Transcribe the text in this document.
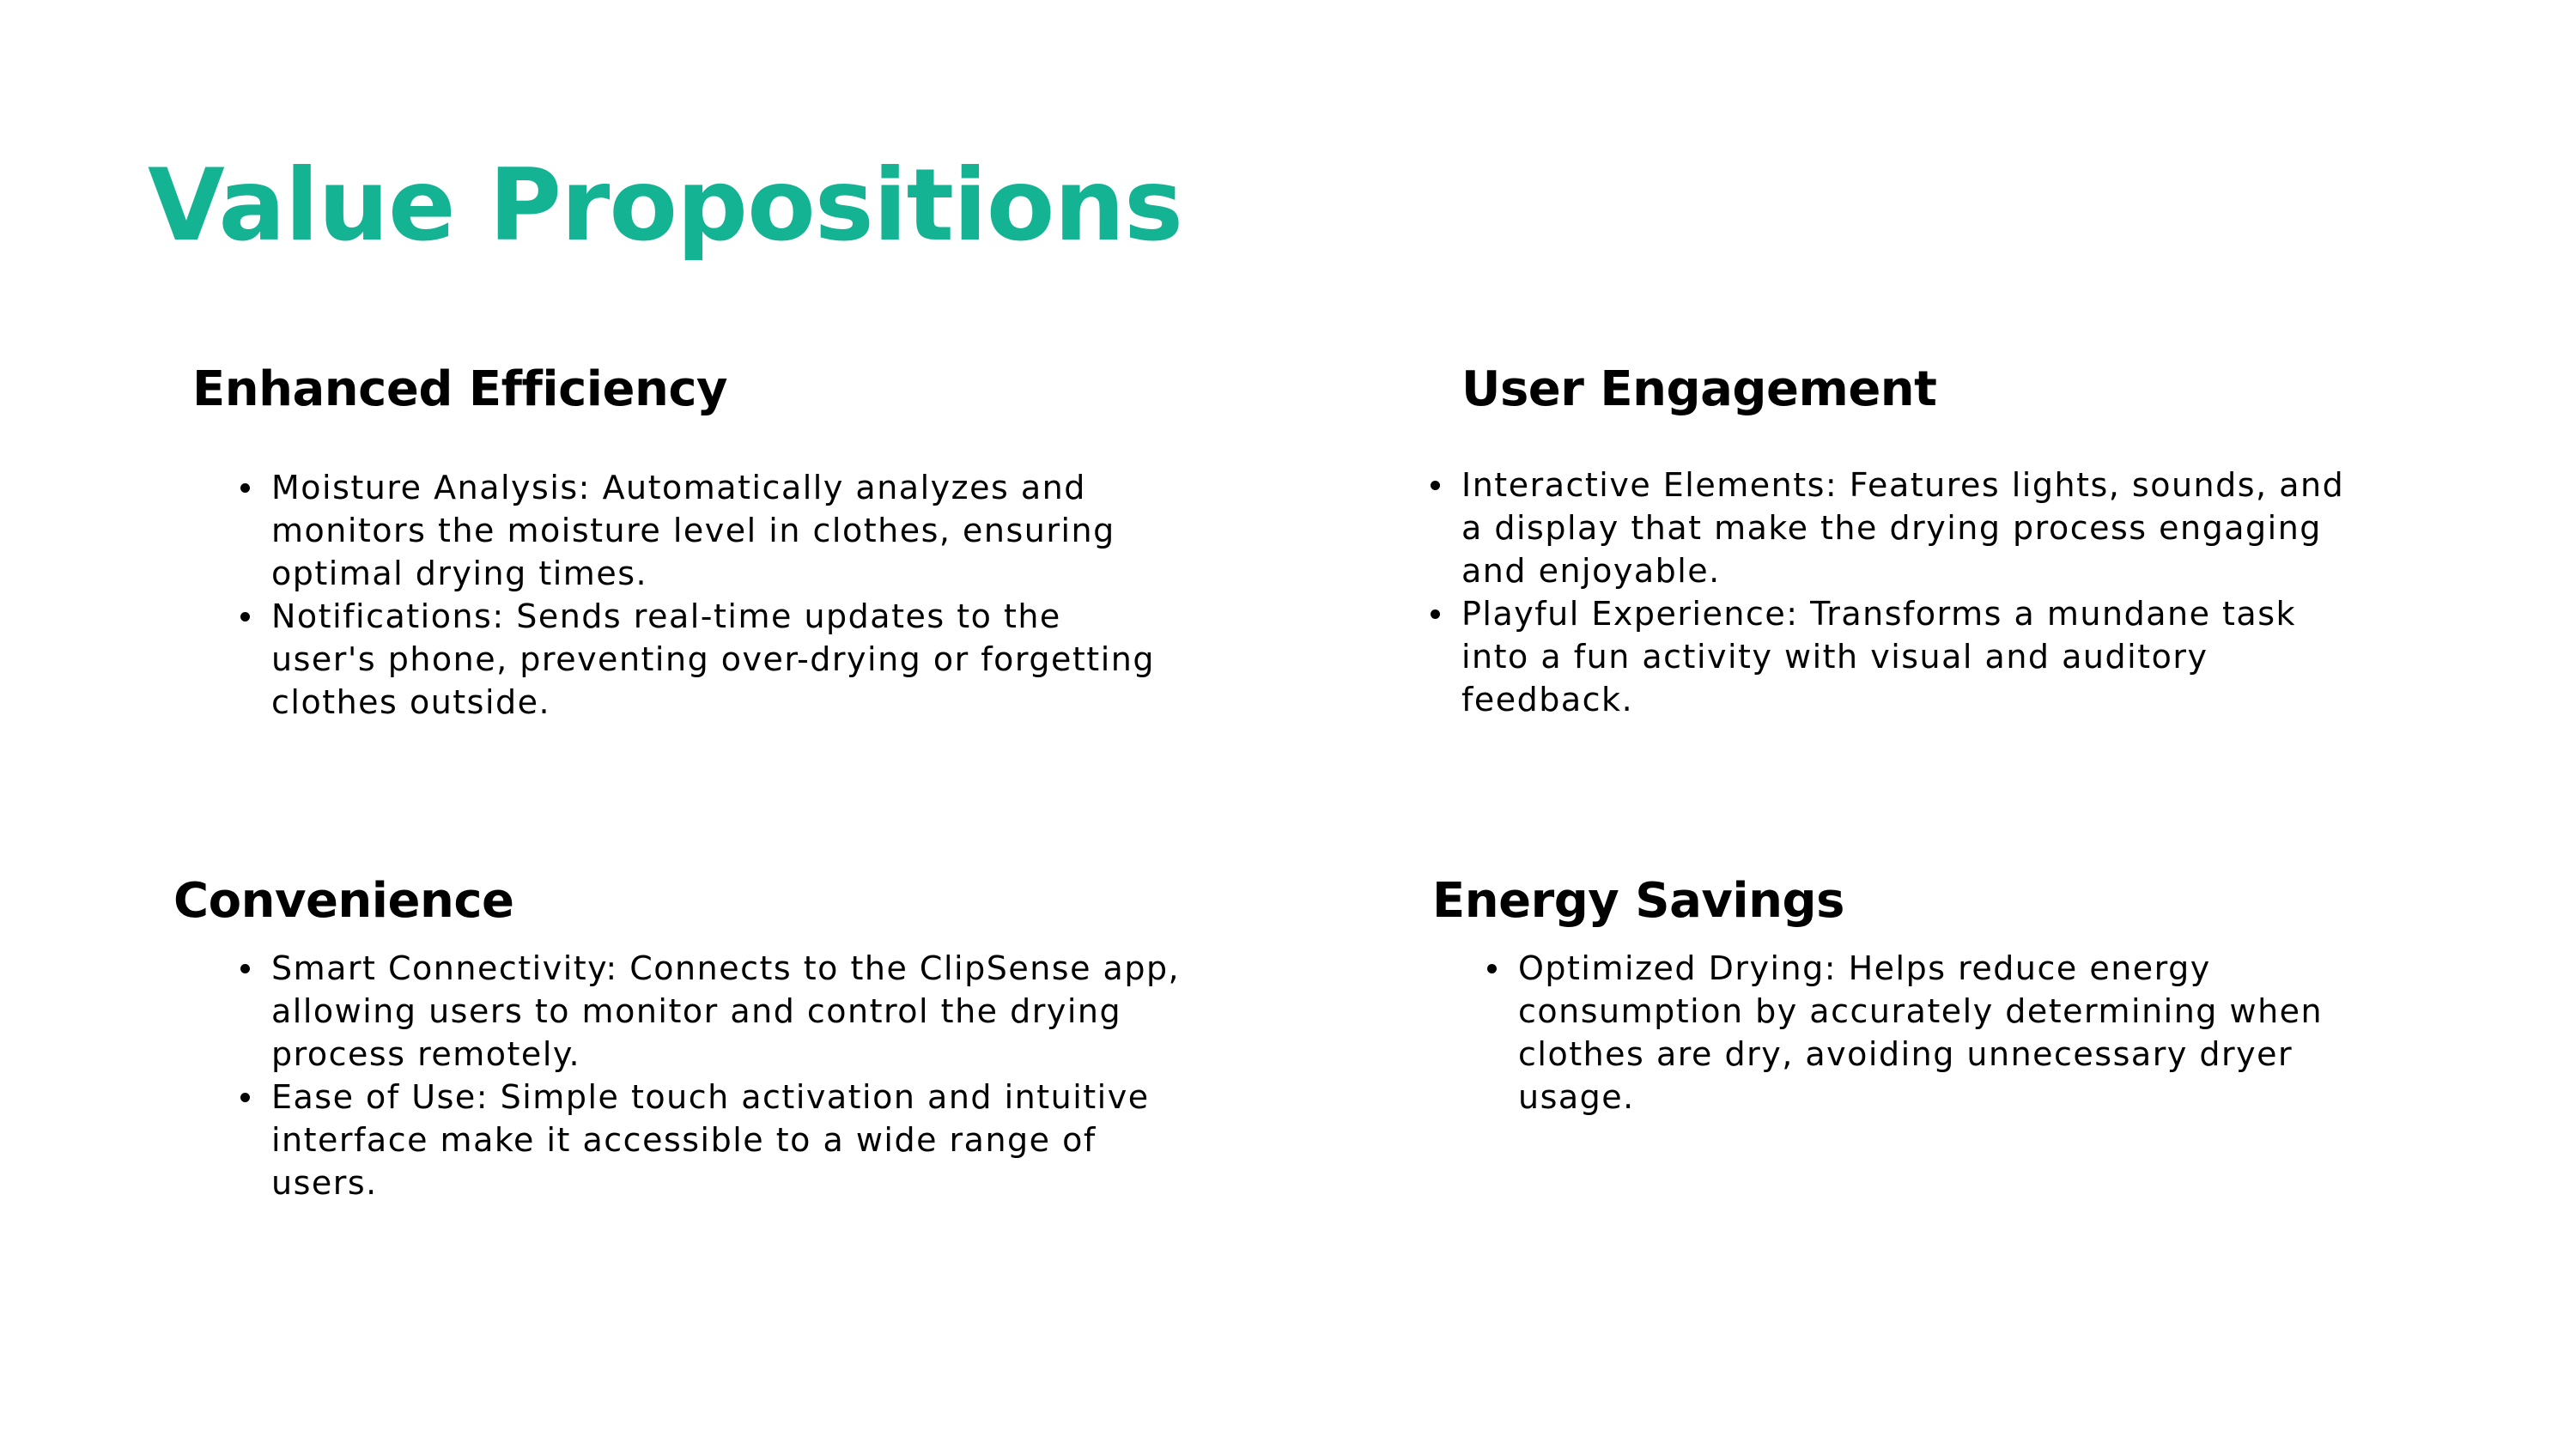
Value Propositions
Enhanced Efficiency
Moisture Analysis: Automatically analyzes and monitors the moisture level in clothes, ensuring optimal drying times.
Notifications: Sends real-time updates to the user's phone, preventing over-drying or forgetting clothes outside.
User Engagement
Interactive Elements: Features lights, sounds, and a display that make the drying process engaging and enjoyable.
Playful Experience: Transforms a mundane task into a fun activity with visual and auditory feedback.
Convenience
Smart Connectivity: Connects to the ClipSense app, allowing users to monitor and control the drying process remotely.
Ease of Use: Simple touch activation and intuitive interface make it accessible to a wide range of users.
Energy Savings
Optimized Drying: Helps reduce energy consumption by accurately determining when clothes are dry, avoiding unnecessary dryer usage.
